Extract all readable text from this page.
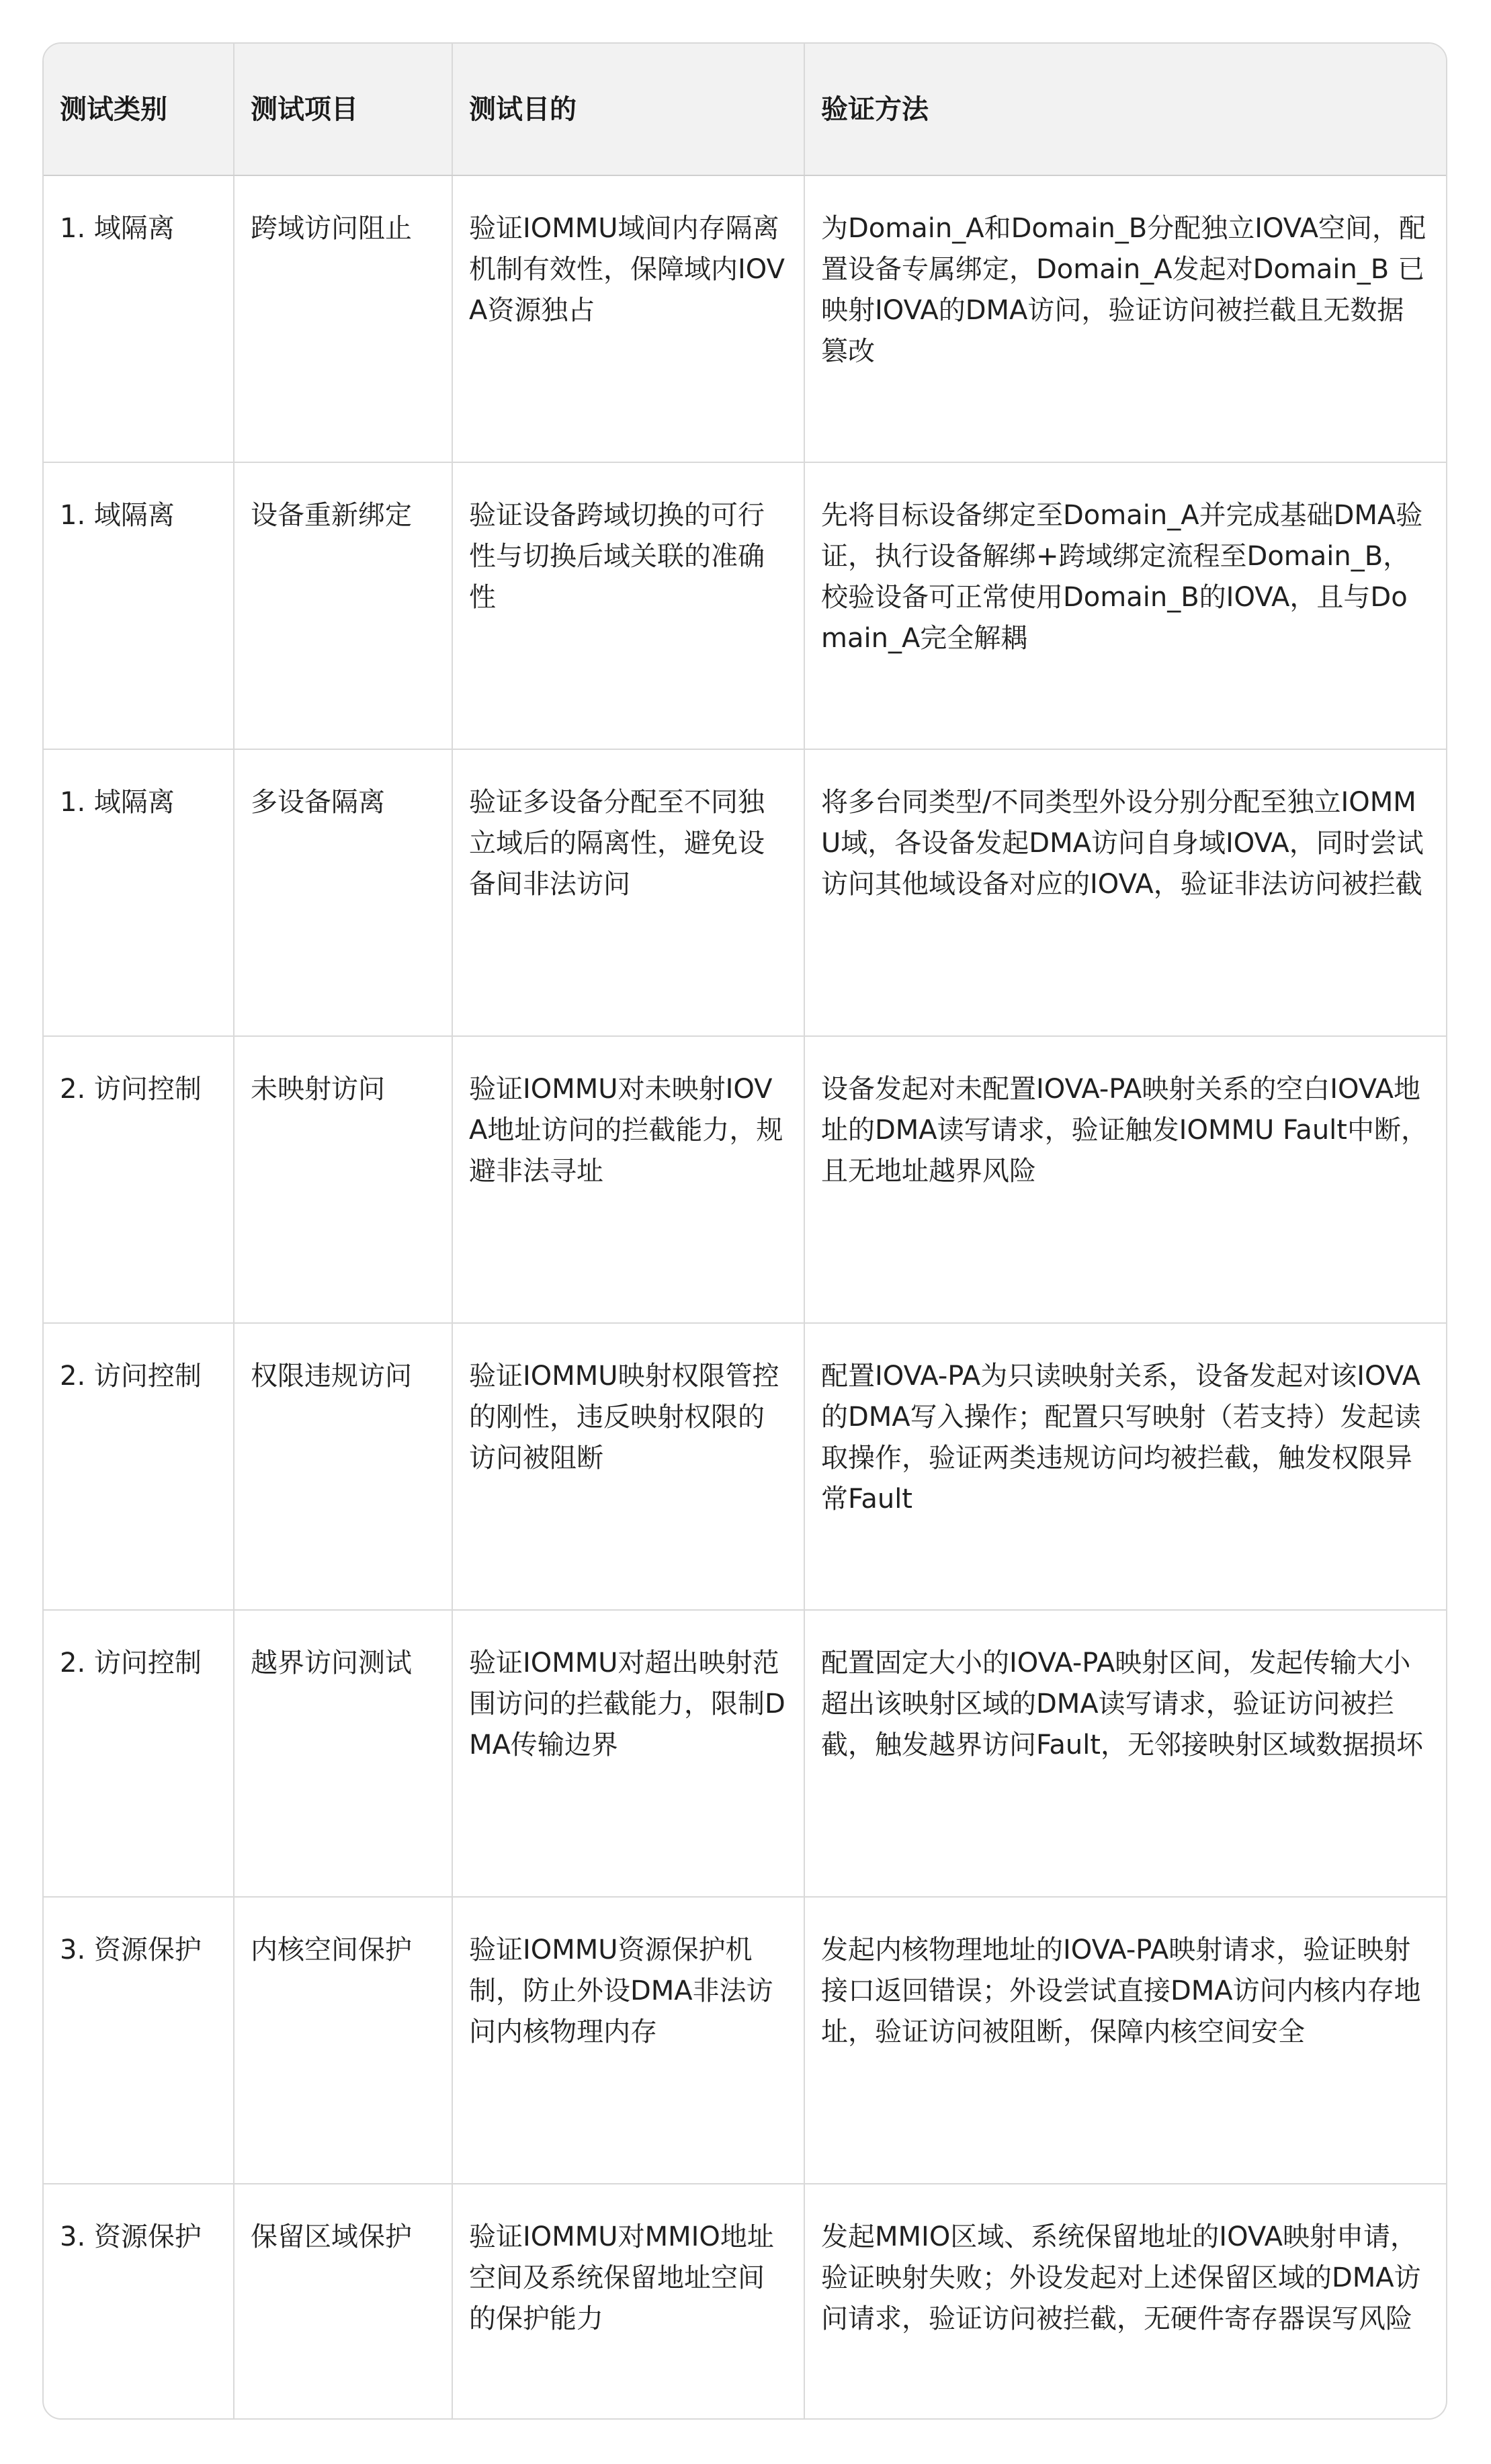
测试类别	测试项目	测试目的	验证方法
1. 域隔离	跨域访问阻止	验证IOMMU域间内存隔离机制有效性，保障域内IOVA资源独占	为Domain_A和Domain_B分配独立IOVA空间，配置设备专属绑定，Domain_A发起对Domain_B 已映射IOVA的DMA访问，验证访问被拦截且无数据篡改
1. 域隔离	设备重新绑定	验证设备跨域切换的可行性与切换后域关联的准确性	先将目标设备绑定至Domain_A并完成基础DMA验证，执行设备解绑+跨域绑定流程至Domain_B，校验设备可正常使用Domain_B的IOVA，且与Domain_A完全解耦
1. 域隔离	多设备隔离	验证多设备分配至不同独立域后的隔离性，避免设备间非法访问	将多台同类型/不同类型外设分别分配至独立IOMMU域，各设备发起DMA访问自身域IOVA，同时尝试访问其他域设备对应的IOVA，验证非法访问被拦截
2. 访问控制	未映射访问	验证IOMMU对未映射IOVA地址访问的拦截能力，规避非法寻址	设备发起对未配置IOVA-PA映射关系的空白IOVA地址的DMA读写请求，验证触发IOMMU Fault中断，且无地址越界风险
2. 访问控制	权限违规访问	验证IOMMU映射权限管控的刚性，违反映射权限的访问被阻断	配置IOVA-PA为只读映射关系，设备发起对该IOVA的DMA写入操作；配置只写映射（若支持）发起读取操作，验证两类违规访问均被拦截，触发权限异常Fault
2. 访问控制	越界访问测试	验证IOMMU对超出映射范围访问的拦截能力，限制DMA传输边界	配置固定大小的IOVA-PA映射区间，发起传输大小超出该映射区域的DMA读写请求，验证访问被拦截，触发越界访问Fault，无邻接映射区域数据损坏
3. 资源保护	内核空间保护	验证IOMMU资源保护机制，防止外设DMA非法访问内核物理内存	发起内核物理地址的IOVA-PA映射请求，验证映射接口返回错误；外设尝试直接DMA访问内核内存地址，验证访问被阻断，保障内核空间安全
3. 资源保护	保留区域保护	验证IOMMU对MMIO地址空间及系统保留地址空间的保护能力	发起MMIO区域、系统保留地址的IOVA映射申请，验证映射失败；外设发起对上述保留区域的DMA访问请求，验证访问被拦截，无硬件寄存器误写风险
